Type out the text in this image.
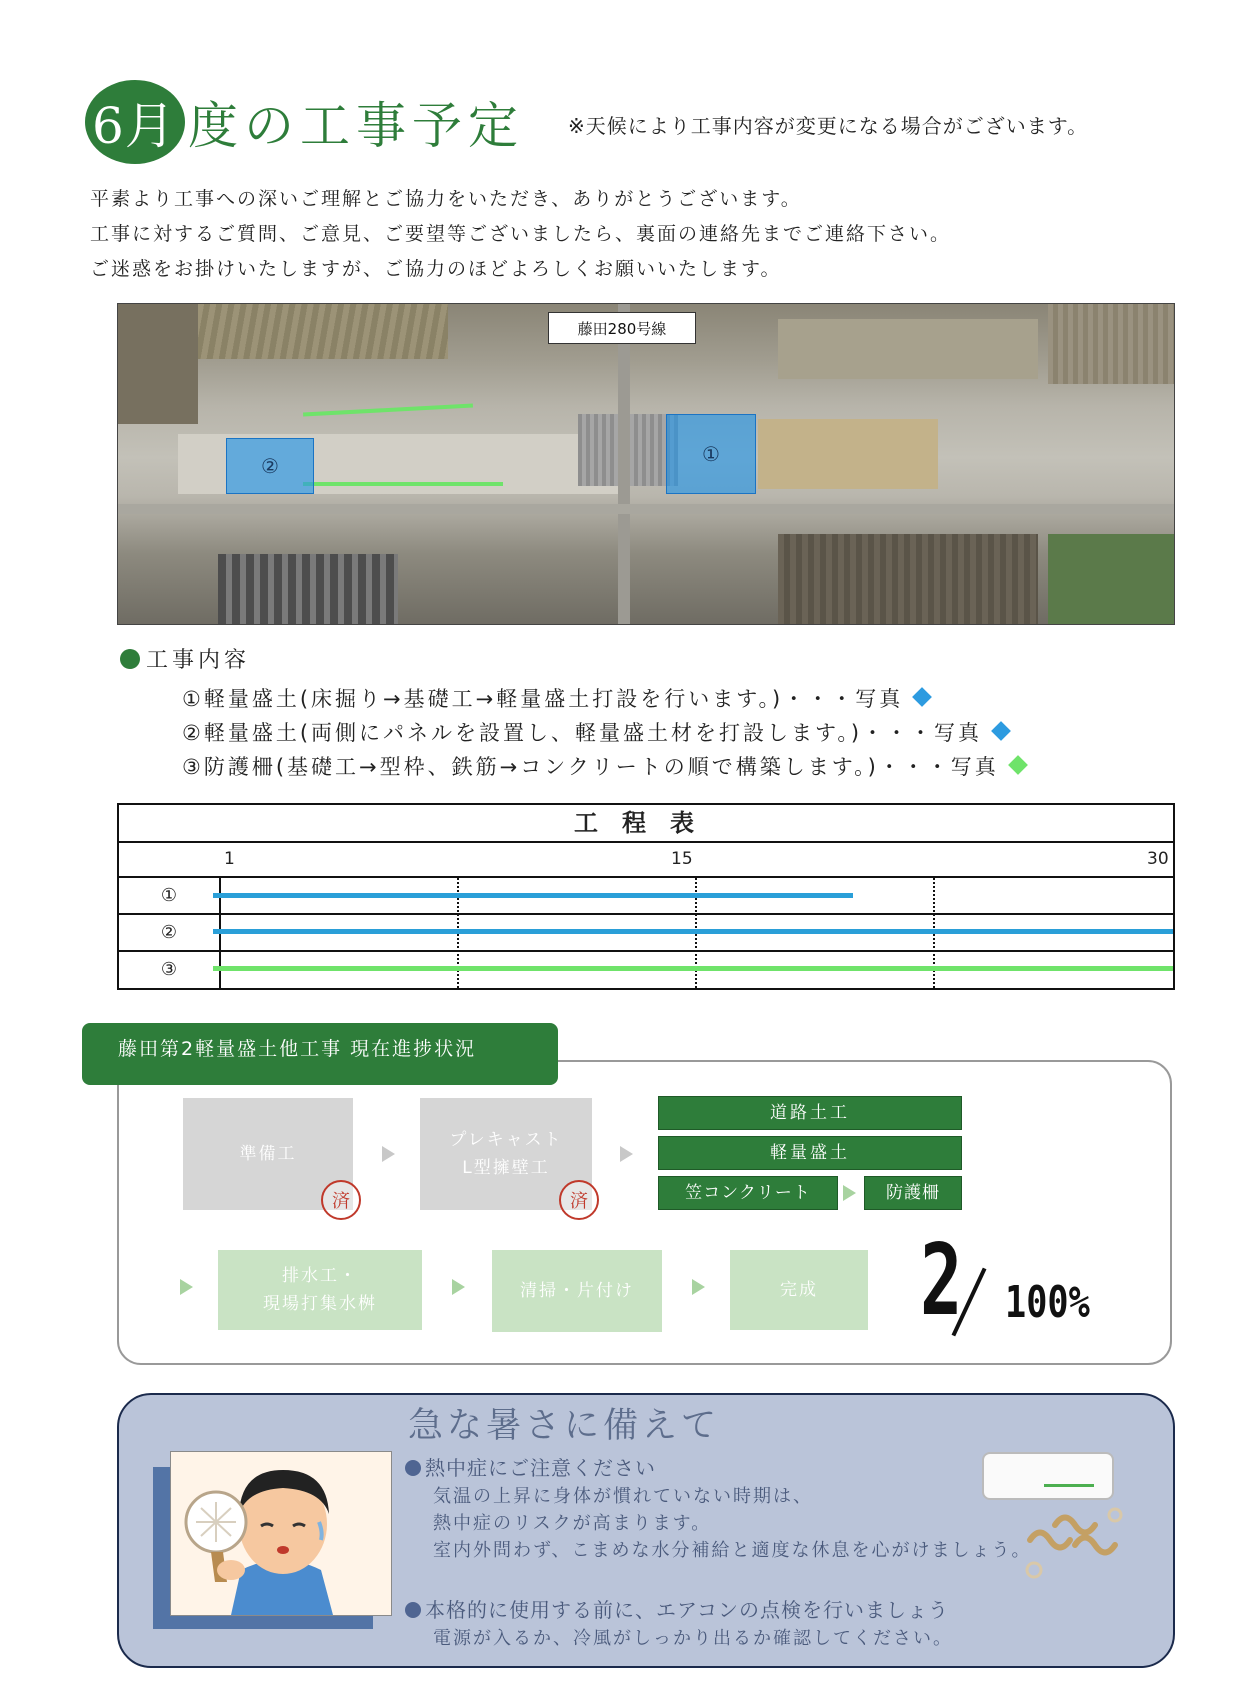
6月 度の工事予定 ※天候により工事内容が変更になる場合がございます。
平素より工事への深いご理解とご協力をいただき、ありがとうございます。
工事に対するご質問、ご意見、ご要望等ございましたら、裏面の連絡先までご連絡下さい。
ご迷惑をお掛けいたしますが、ご協力のほどよろしくお願いいたします。
藤田280号線
①
②
工事内容
①軽量盛土(床掘り→基礎工→軽量盛土打設を行います。)・・・写真
②軽量盛土(両側にパネルを設置し、軽量盛土材を打設します。)・・・写真
③防護柵(基礎工→型枠、鉄筋→コンクリートの順で構築します。)・・・写真
工程表
1	15	30
①
②
③
藤田第2軽量盛土他工事 現在進捗状況
準備工
済
プレキャスト
L型擁壁工
済
道路土工
軽量盛土
笠コンクリート	防護柵
排水工・
現場打集水桝
清掃・片付け	完成 2 100%
急な暑さに備えて
熱中症にご注意ください
気温の上昇に身体が慣れていない時期は、
熱中症のリスクが高まります。
室内外問わず、こまめな水分補給と適度な休息を心がけましょう。
本格的に使用する前に、エアコンの点検を行いましょう
電源が入るか、冷風がしっかり出るか確認してください。
